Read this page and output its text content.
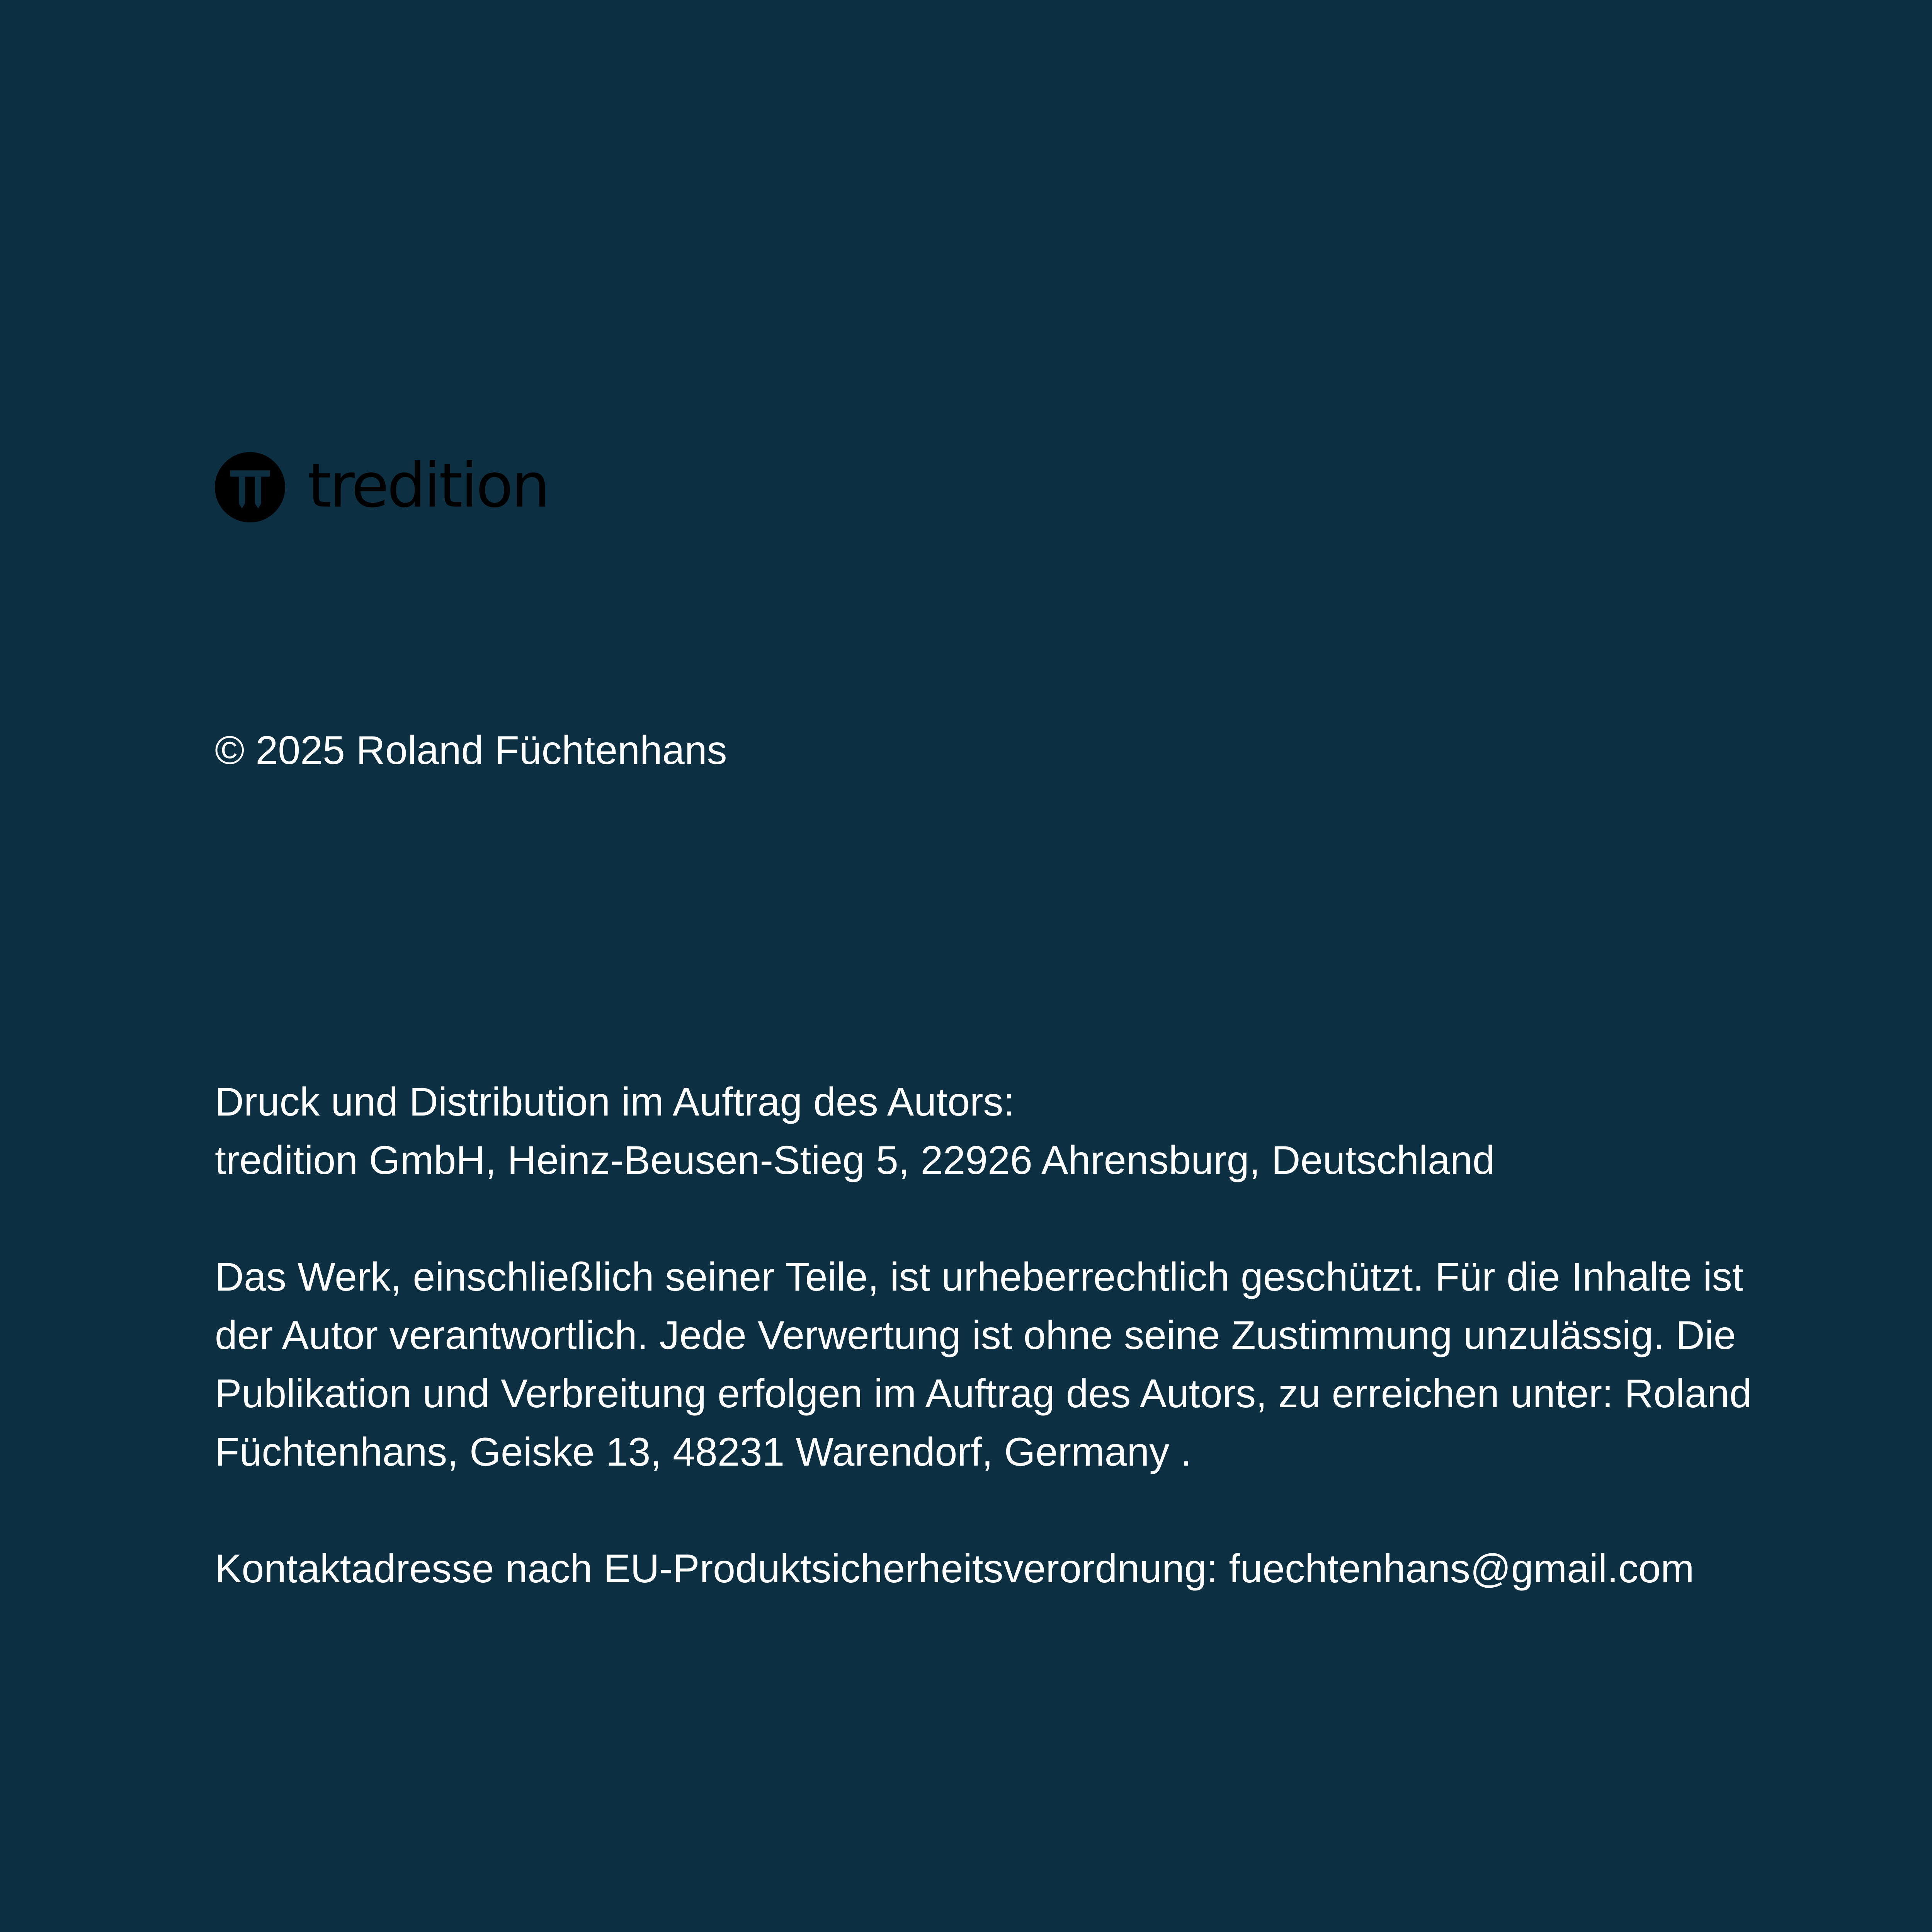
tredition
© 2025 Roland Füchtenhans
Druck und Distribution im Auftrag des Autors:
tredition GmbH, Heinz-Beusen-Stieg 5, 22926 Ahrensburg, Deutschland
Das Werk, einschließlich seiner Teile, ist urheberrechtlich geschützt. Für die Inhalte ist
der Autor verantwortlich. Jede Verwertung ist ohne seine Zustimmung unzulässig. Die
Publikation und Verbreitung erfolgen im Auftrag des Autors, zu erreichen unter: Roland
Füchtenhans, Geiske 13, 48231 Warendorf, Germany .
Kontaktadresse nach EU-Produktsicherheitsverordnung: fuechtenhans@gmail.com
